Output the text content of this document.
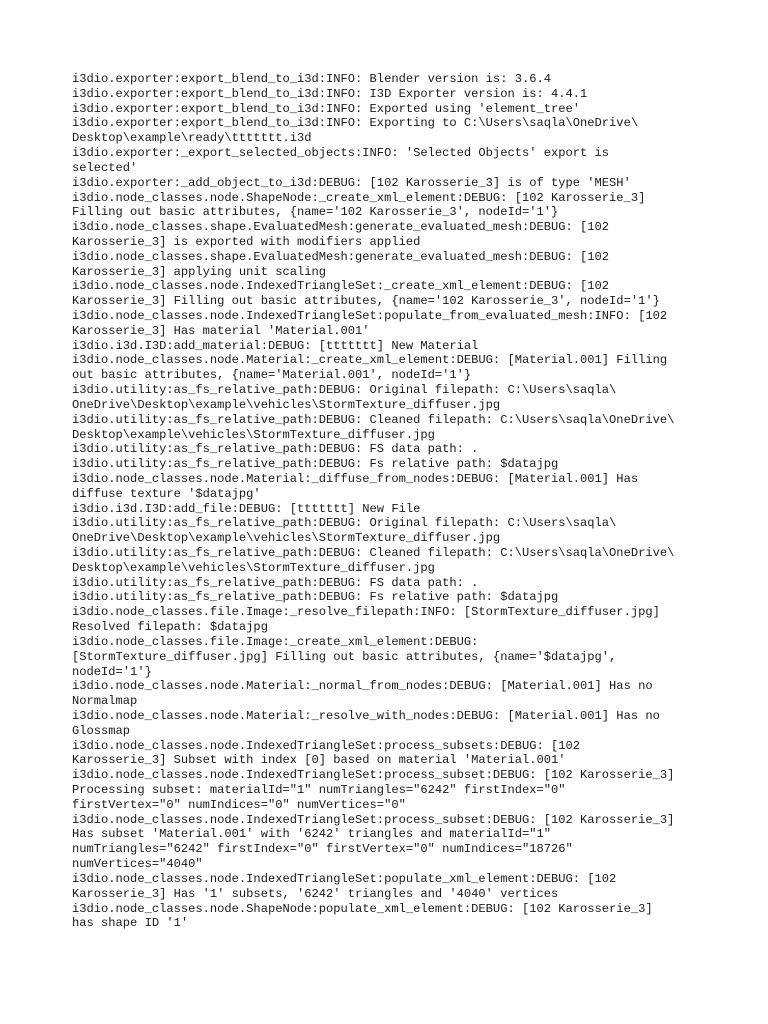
i3dio.exporter:export_blend_to_i3d:INFO: Blender version is: 3.6.4
i3dio.exporter:export_blend_to_i3d:INFO: I3D Exporter version is: 4.4.1
i3dio.exporter:export_blend_to_i3d:INFO: Exported using 'element_tree'
i3dio.exporter:export_blend_to_i3d:INFO: Exporting to C:\Users\saqla\OneDrive\
Desktop\example\ready\ttttttt.i3d
i3dio.exporter:_export_selected_objects:INFO: 'Selected Objects' export is
selected'
i3dio.exporter:_add_object_to_i3d:DEBUG: [102 Karosserie_3] is of type 'MESH'
i3dio.node_classes.node.ShapeNode:_create_xml_element:DEBUG: [102 Karosserie_3]
Filling out basic attributes, {name='102 Karosserie_3', nodeId='1'}
i3dio.node_classes.shape.EvaluatedMesh:generate_evaluated_mesh:DEBUG: [102
Karosserie_3] is exported with modifiers applied
i3dio.node_classes.shape.EvaluatedMesh:generate_evaluated_mesh:DEBUG: [102
Karosserie_3] applying unit scaling
i3dio.node_classes.node.IndexedTriangleSet:_create_xml_element:DEBUG: [102
Karosserie_3] Filling out basic attributes, {name='102 Karosserie_3', nodeId='1'}
i3dio.node_classes.node.IndexedTriangleSet:populate_from_evaluated_mesh:INFO: [102
Karosserie_3] Has material 'Material.001'
i3dio.i3d.I3D:add_material:DEBUG: [ttttttt] New Material
i3dio.node_classes.node.Material:_create_xml_element:DEBUG: [Material.001] Filling
out basic attributes, {name='Material.001', nodeId='1'}
i3dio.utility:as_fs_relative_path:DEBUG: Original filepath: C:\Users\saqla\
OneDrive\Desktop\example\vehicles\StormTexture_diffuser.jpg
i3dio.utility:as_fs_relative_path:DEBUG: Cleaned filepath: C:\Users\saqla\OneDrive\
Desktop\example\vehicles\StormTexture_diffuser.jpg
i3dio.utility:as_fs_relative_path:DEBUG: FS data path: .
i3dio.utility:as_fs_relative_path:DEBUG: Fs relative path: $datajpg
i3dio.node_classes.node.Material:_diffuse_from_nodes:DEBUG: [Material.001] Has
diffuse texture '$datajpg'
i3dio.i3d.I3D:add_file:DEBUG: [ttttttt] New File
i3dio.utility:as_fs_relative_path:DEBUG: Original filepath: C:\Users\saqla\
OneDrive\Desktop\example\vehicles\StormTexture_diffuser.jpg
i3dio.utility:as_fs_relative_path:DEBUG: Cleaned filepath: C:\Users\saqla\OneDrive\
Desktop\example\vehicles\StormTexture_diffuser.jpg
i3dio.utility:as_fs_relative_path:DEBUG: FS data path: .
i3dio.utility:as_fs_relative_path:DEBUG: Fs relative path: $datajpg
i3dio.node_classes.file.Image:_resolve_filepath:INFO: [StormTexture_diffuser.jpg]
Resolved filepath: $datajpg
i3dio.node_classes.file.Image:_create_xml_element:DEBUG:
[StormTexture_diffuser.jpg] Filling out basic attributes, {name='$datajpg',
nodeId='1'}
i3dio.node_classes.node.Material:_normal_from_nodes:DEBUG: [Material.001] Has no
Normalmap
i3dio.node_classes.node.Material:_resolve_with_nodes:DEBUG: [Material.001] Has no
Glossmap
i3dio.node_classes.node.IndexedTriangleSet:process_subsets:DEBUG: [102
Karosserie_3] Subset with index [0] based on material 'Material.001'
i3dio.node_classes.node.IndexedTriangleSet:process_subset:DEBUG: [102 Karosserie_3]
Processing subset: materialId="1" numTriangles="6242" firstIndex="0"
firstVertex="0" numIndices="0" numVertices="0"
i3dio.node_classes.node.IndexedTriangleSet:process_subset:DEBUG: [102 Karosserie_3]
Has subset 'Material.001' with '6242' triangles and materialId="1"
numTriangles="6242" firstIndex="0" firstVertex="0" numIndices="18726"
numVertices="4040"
i3dio.node_classes.node.IndexedTriangleSet:populate_xml_element:DEBUG: [102
Karosserie_3] Has '1' subsets, '6242' triangles and '4040' vertices
i3dio.node_classes.node.ShapeNode:populate_xml_element:DEBUG: [102 Karosserie_3]
has shape ID '1'
